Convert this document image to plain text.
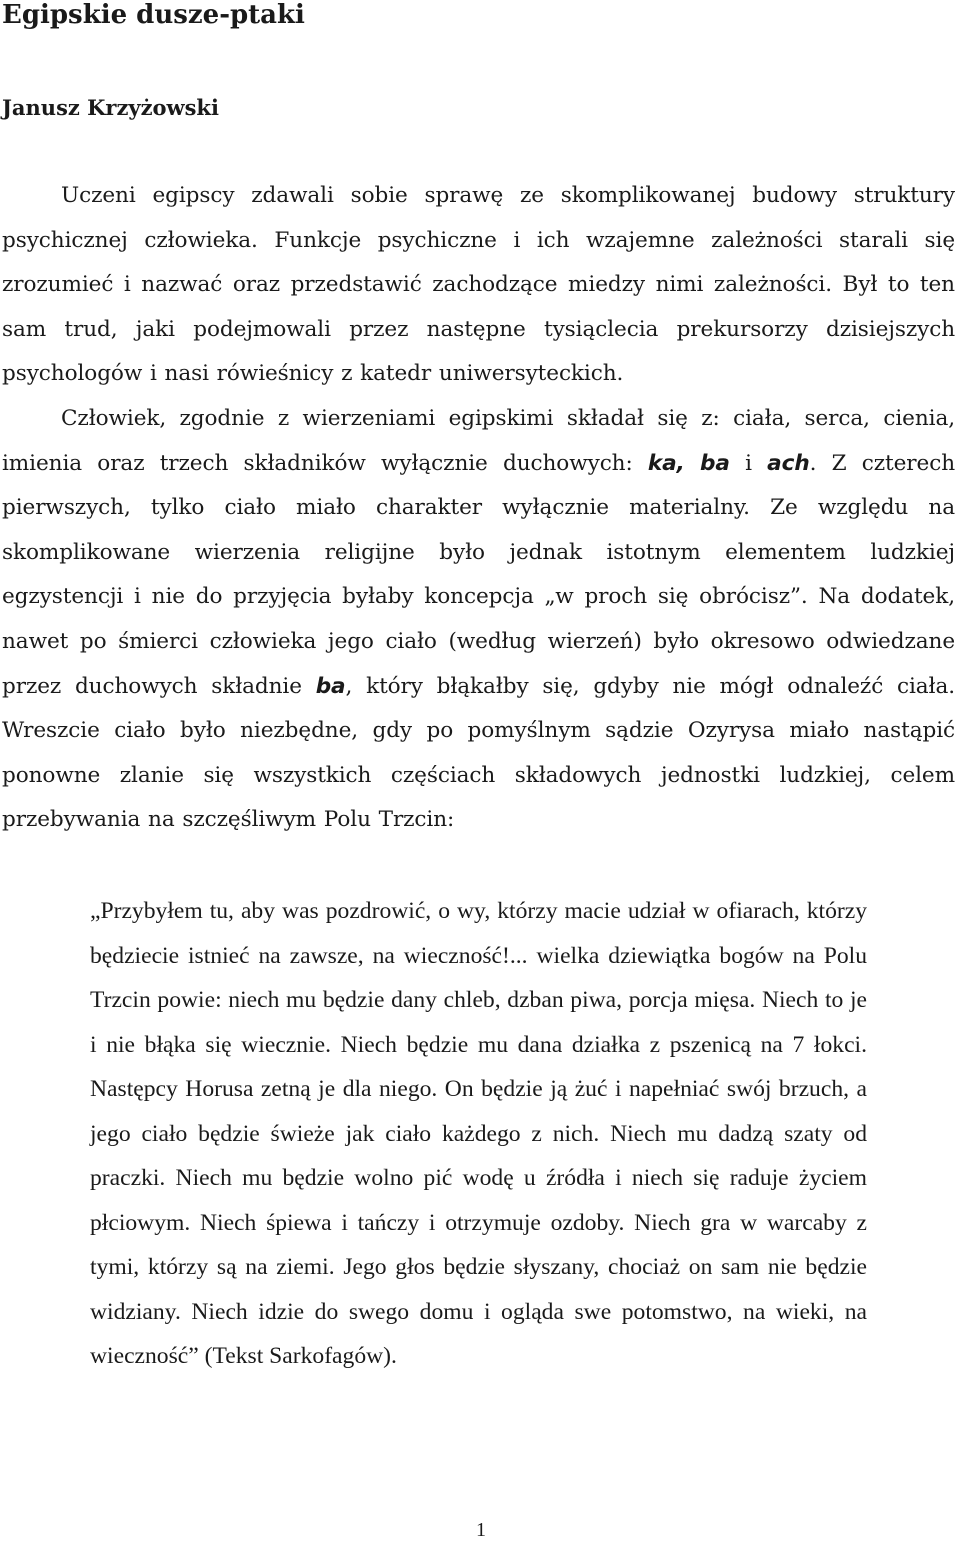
Egipskie dusze-ptaki
Janusz Krzyżowski

Uczeni egipscy zdawali sobie sprawę ze skomplikowanej budowy struktury psychicznej człowieka. Funkcje psychiczne i ich wzajemne zależności starali się zrozumieć i nazwać oraz przedstawić zachodzące miedzy nimi zależności. Był to ten sam trud, jaki podejmowali przez następne tysiąclecia prekursorzy dzisiejszych psychologów i nasi rówieśnicy z katedr uniwersyteckich.

Człowiek, zgodnie z wierzeniami egipskimi składał się z: ciała, serca, cienia, imienia oraz trzech składników wyłącznie duchowych: ka, ba i ach. Z czterech pierwszych, tylko ciało miało charakter wyłącznie materialny. Ze względu na skomplikowane wierzenia religijne było jednak istotnym elementem ludzkiej egzystencji i nie do przyjęcia byłaby koncepcja „w proch się obrócisz”. Na dodatek, nawet po śmierci człowieka jego ciało (według wierzeń) było okresowo odwiedzane przez duchowych składnie ba, który błąkałby się, gdyby nie mógł odnaleźć ciała. Wreszcie ciało było niezbędne, gdy po pomyślnym sądzie Ozyrysa miało nastąpić ponowne zlanie się wszystkich częściach składowych jednostki ludzkiej, celem przebywania na szczęśliwym Polu Trzcin:

„Przybyłem tu, aby was pozdrowić, o wy, którzy macie udział w ofiarach, którzy będziecie istnieć na zawsze, na wieczność!... wielka dziewiątka bogów na Polu Trzcin powie: niech mu będzie dany chleb, dzban piwa, porcja mięsa. Niech to je i nie błąka się wiecznie. Niech będzie mu dana działka z pszenicą na 7 łokci. Następcy Horusa zetną je dla niego. On będzie ją żuć i napełniać swój brzuch, a jego ciało będzie świeże jak ciało każdego z nich. Niech mu dadzą szaty od praczki. Niech mu będzie wolno pić wodę u źródła i niech się raduje życiem płciowym. Niech śpiewa i tańczy i otrzymuje ozdoby. Niech gra w warcaby z tymi, którzy są na ziemi. Jego głos będzie słyszany, chociaż on sam nie będzie widziany. Niech idzie do swego domu i ogląda swe potomstwo, na wieki, na wieczność” (Tekst Sarkofagów).
1
